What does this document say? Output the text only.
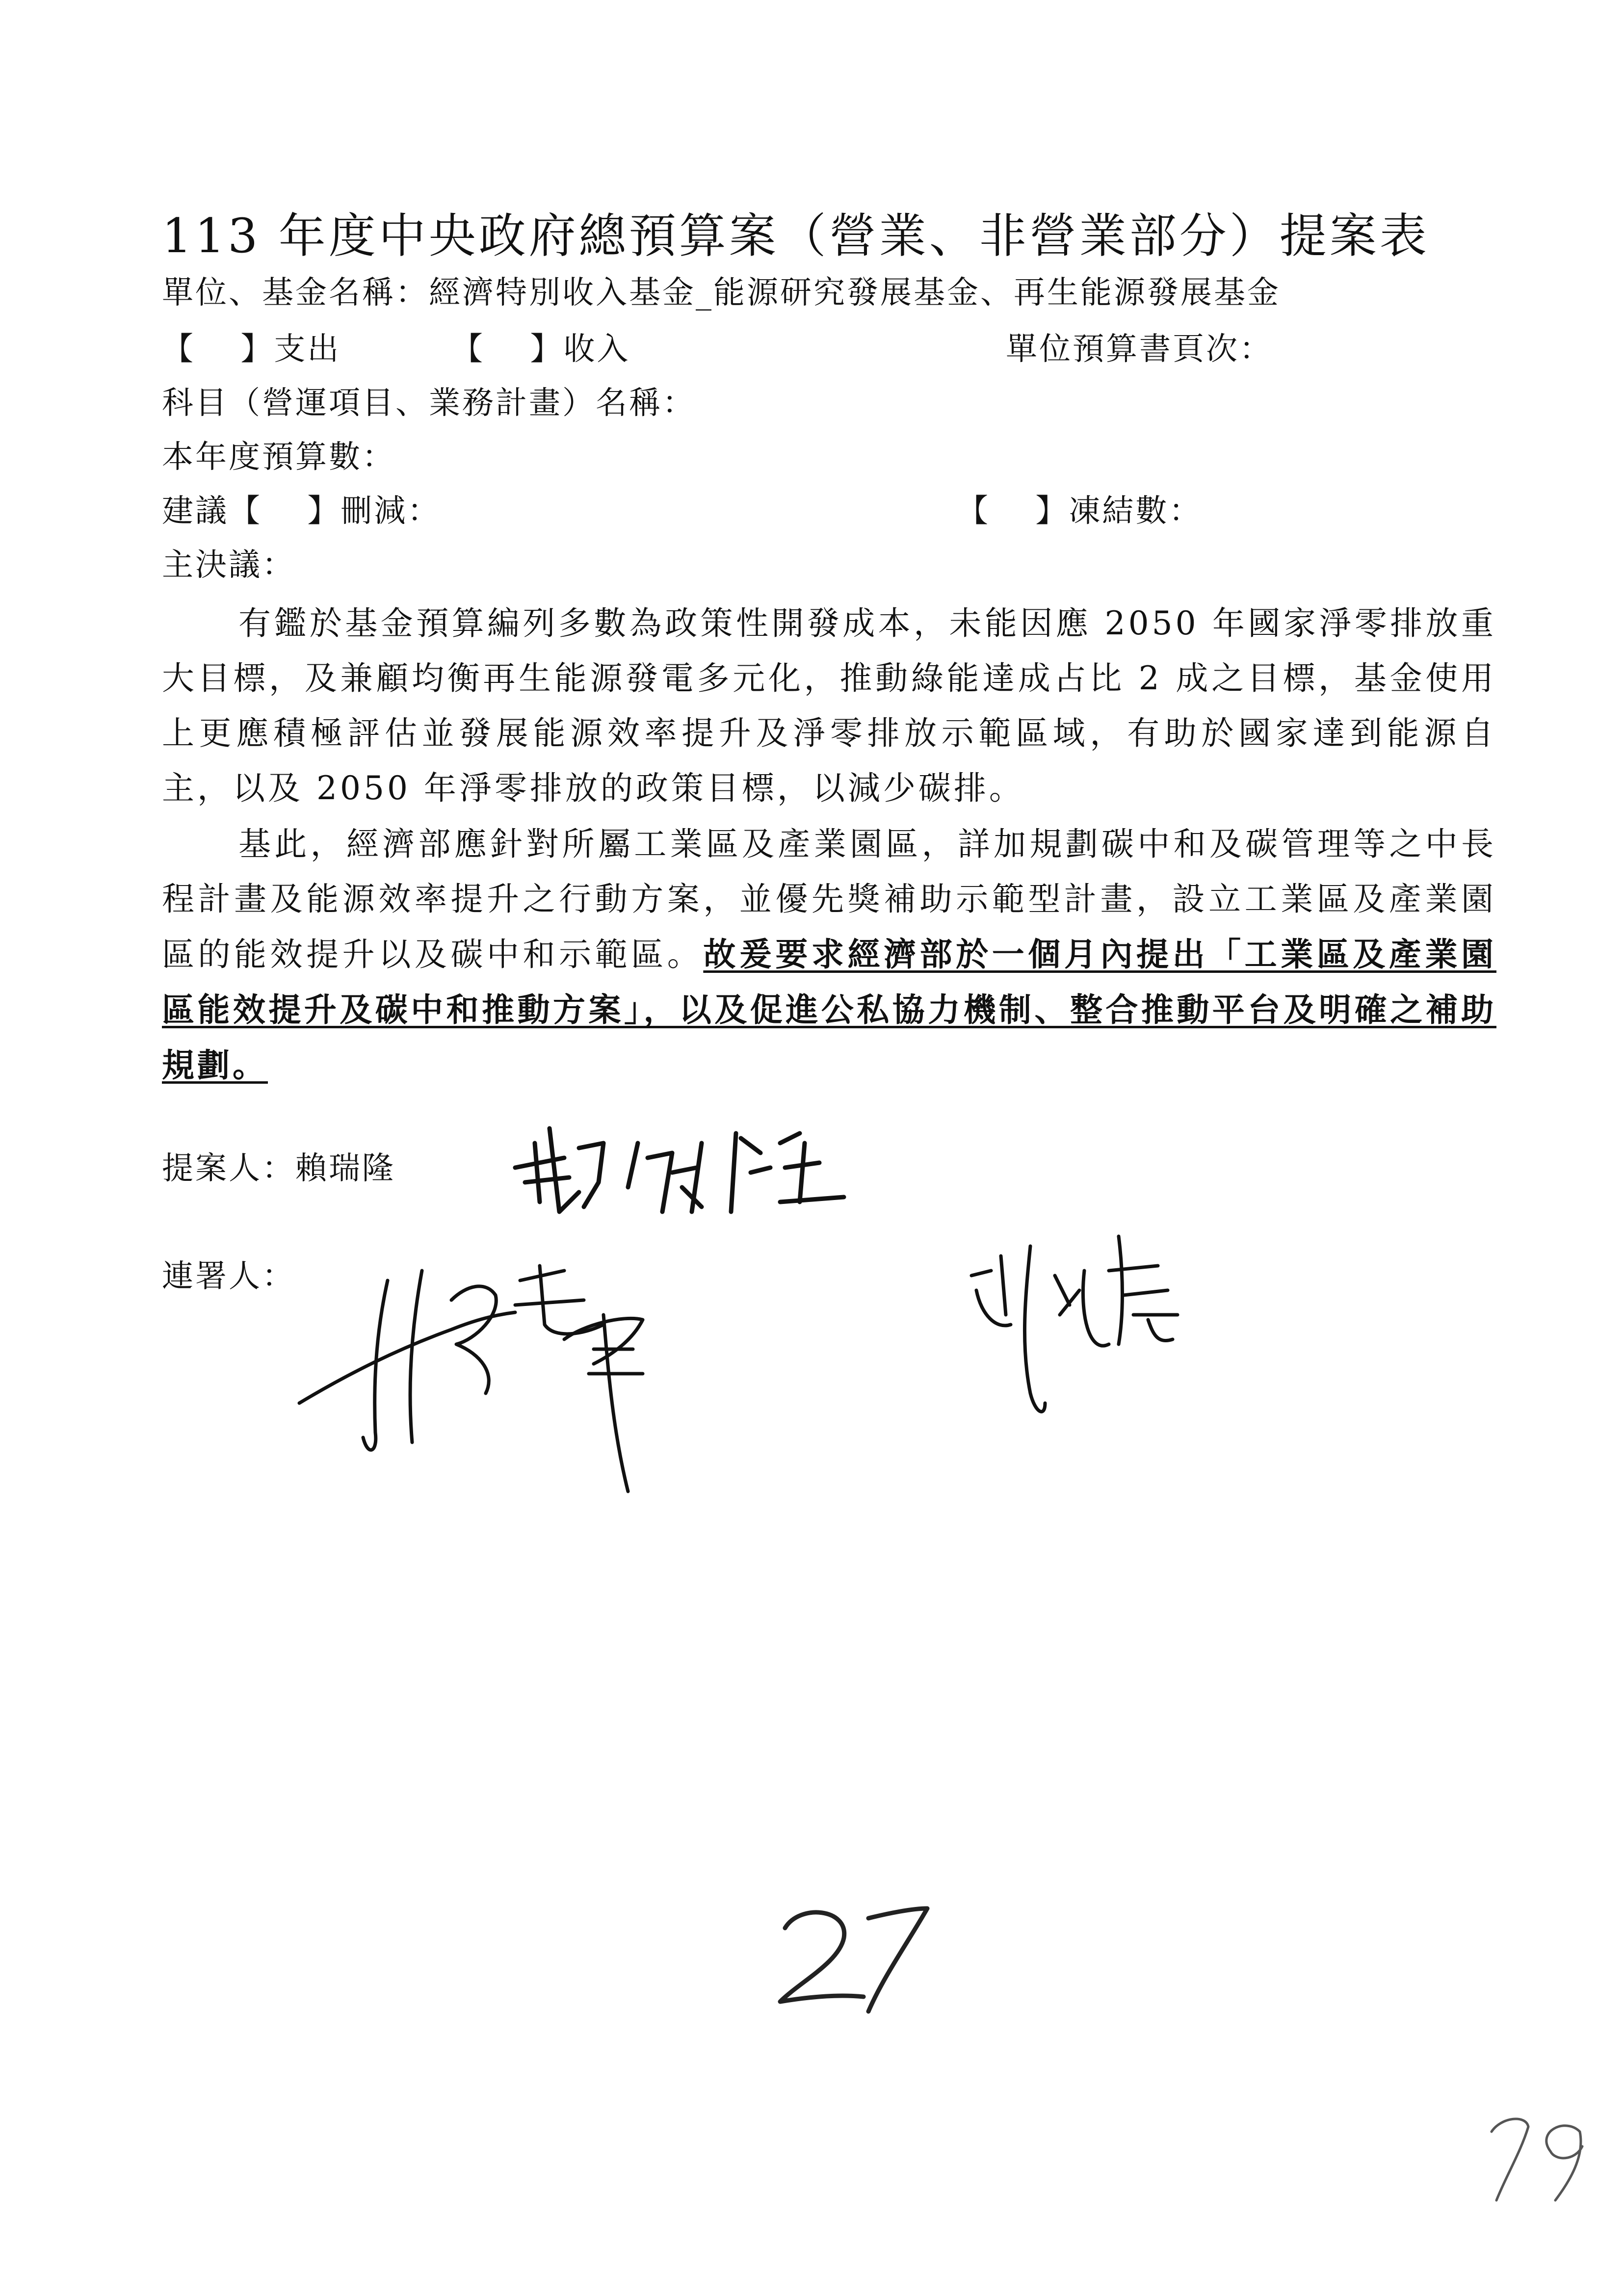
113 年度中央政府總預算案（營業、非營業部分）提案表
單位、基金名稱：經濟特別收入基金_能源研究發展基金、再生能源發展基金
【　 】支出	【　 】收入	單位預算書頁次：
科目（營運項目、業務計畫）名稱：
本年度預算數：
建議【　 】刪減：	【　 】凍結數：
主決議：
有鑑於基金預算編列多數為政策性開發成本，未能因應 2050 年國家淨零排放重大目標，及兼顧均衡再生能源發電多元化，推動綠能達成占比 2 成之目標，基金使用上更應積極評估並發展能源效率提升及淨零排放示範區域，有助於國家達到能源自主，以及 2050 年淨零排放的政策目標，以減少碳排。
基此，經濟部應針對所屬工業區及產業園區，詳加規劃碳中和及碳管理等之中長程計畫及能源效率提升之行動方案，並優先獎補助示範型計畫，設立工業區及產業園區的能效提升以及碳中和示範區。故爰要求經濟部於一個月內提出「工業區及產業園區能效提升及碳中和推動方案」，以及促進公私協力機制、整合推動平台及明確之補助規劃。
提案人：賴瑞隆
連署人：
